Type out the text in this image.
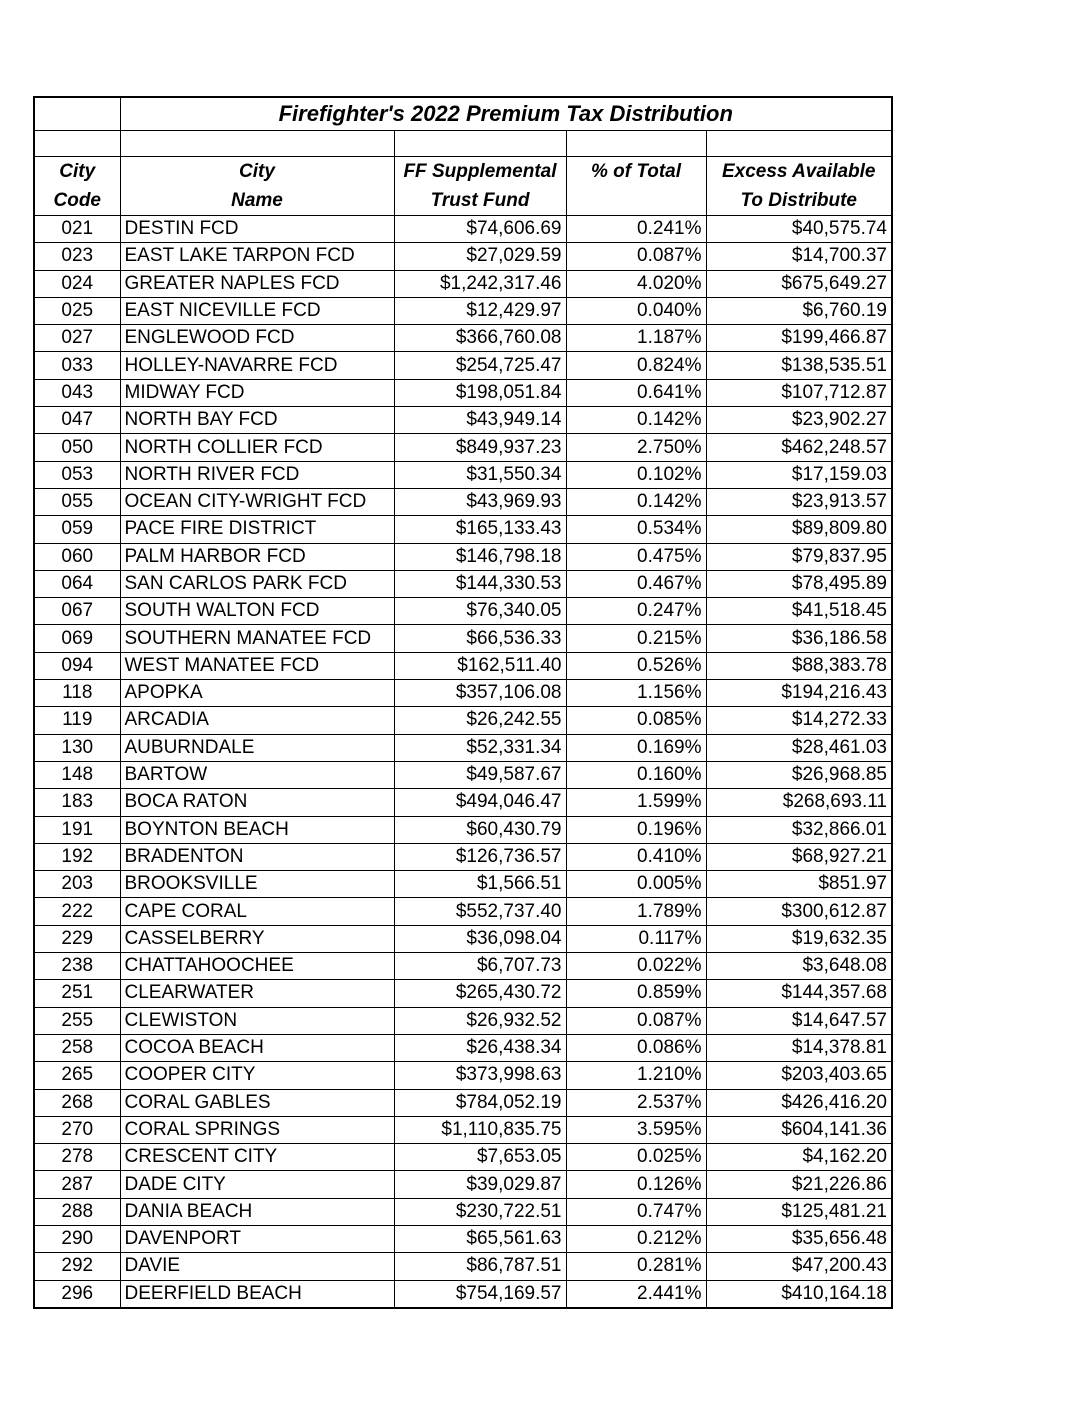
	Firefighter's 2022 Premium Tax Distribution			

City	City	FF Supplemental	% of Total	Excess Available
Code	Name	Trust Fund		To Distribute
021	DESTIN FCD	$74,606.69	0.241%	$40,575.74
023	EAST LAKE TARPON FCD	$27,029.59	0.087%	$14,700.37
024	GREATER NAPLES FCD	$1,242,317.46	4.020%	$675,649.27
025	EAST NICEVILLE FCD	$12,429.97	0.040%	$6,760.19
027	ENGLEWOOD FCD	$366,760.08	1.187%	$199,466.87
033	HOLLEY-NAVARRE FCD	$254,725.47	0.824%	$138,535.51
043	MIDWAY FCD	$198,051.84	0.641%	$107,712.87
047	NORTH BAY FCD	$43,949.14	0.142%	$23,902.27
050	NORTH COLLIER FCD	$849,937.23	2.750%	$462,248.57
053	NORTH RIVER FCD	$31,550.34	0.102%	$17,159.03
055	OCEAN CITY-WRIGHT FCD	$43,969.93	0.142%	$23,913.57
059	PACE FIRE DISTRICT	$165,133.43	0.534%	$89,809.80
060	PALM HARBOR FCD	$146,798.18	0.475%	$79,837.95
064	SAN CARLOS PARK FCD	$144,330.53	0.467%	$78,495.89
067	SOUTH WALTON FCD	$76,340.05	0.247%	$41,518.45
069	SOUTHERN MANATEE FCD	$66,536.33	0.215%	$36,186.58
094	WEST MANATEE FCD	$162,511.40	0.526%	$88,383.78
118	APOPKA	$357,106.08	1.156%	$194,216.43
119	ARCADIA	$26,242.55	0.085%	$14,272.33
130	AUBURNDALE	$52,331.34	0.169%	$28,461.03
148	BARTOW	$49,587.67	0.160%	$26,968.85
183	BOCA RATON	$494,046.47	1.599%	$268,693.11
191	BOYNTON BEACH	$60,430.79	0.196%	$32,866.01
192	BRADENTON	$126,736.57	0.410%	$68,927.21
203	BROOKSVILLE	$1,566.51	0.005%	$851.97
222	CAPE CORAL	$552,737.40	1.789%	$300,612.87
229	CASSELBERRY	$36,098.04	0.117%	$19,632.35
238	CHATTAHOOCHEE	$6,707.73	0.022%	$3,648.08
251	CLEARWATER	$265,430.72	0.859%	$144,357.68
255	CLEWISTON	$26,932.52	0.087%	$14,647.57
258	COCOA BEACH	$26,438.34	0.086%	$14,378.81
265	COOPER CITY	$373,998.63	1.210%	$203,403.65
268	CORAL GABLES	$784,052.19	2.537%	$426,416.20
270	CORAL SPRINGS	$1,110,835.75	3.595%	$604,141.36
278	CRESCENT CITY	$7,653.05	0.025%	$4,162.20
287	DADE CITY	$39,029.87	0.126%	$21,226.86
288	DANIA BEACH	$230,722.51	0.747%	$125,481.21
290	DAVENPORT	$65,561.63	0.212%	$35,656.48
292	DAVIE	$86,787.51	0.281%	$47,200.43
296	DEERFIELD BEACH	$754,169.57	2.441%	$410,164.18
